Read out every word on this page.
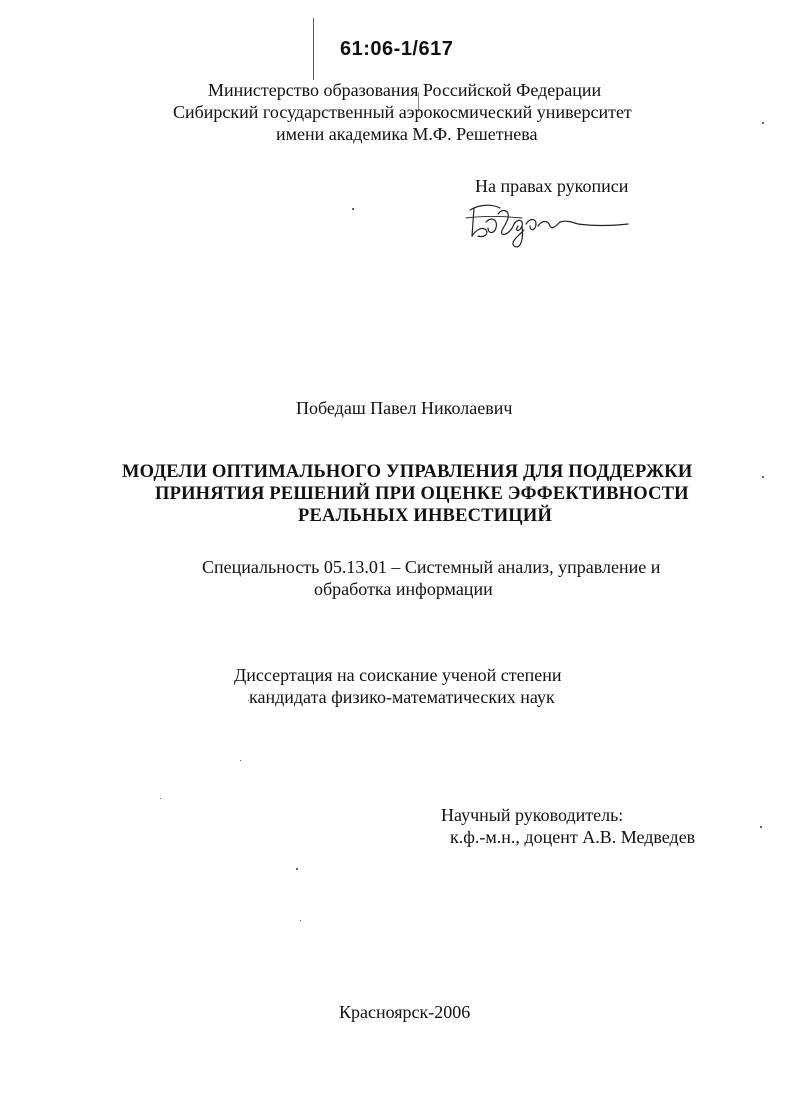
61:06-1/617
Министерство образования Российской Федерации
Сибирский государственный аэрокосмический университет
имени академика М.Ф. Решетнева
На правах рукописи
Победаш Павел Николаевич
МОДЕЛИ ОПТИМАЛЬНОГО УПРАВЛЕНИЯ ДЛЯ ПОДДЕРЖКИ
ПРИНЯТИЯ РЕШЕНИЙ ПРИ ОЦЕНКЕ ЭФФЕКТИВНОСТИ
РЕАЛЬНЫХ ИНВЕСТИЦИЙ
Специальность 05.13.01 – Системный анализ, управление и
обработка информации
Диссертация на соискание ученой степени
кандидата физико-математических наук
Научный руководитель:
к.ф.-м.н., доцент А.В. Медведев
Красноярск-2006
